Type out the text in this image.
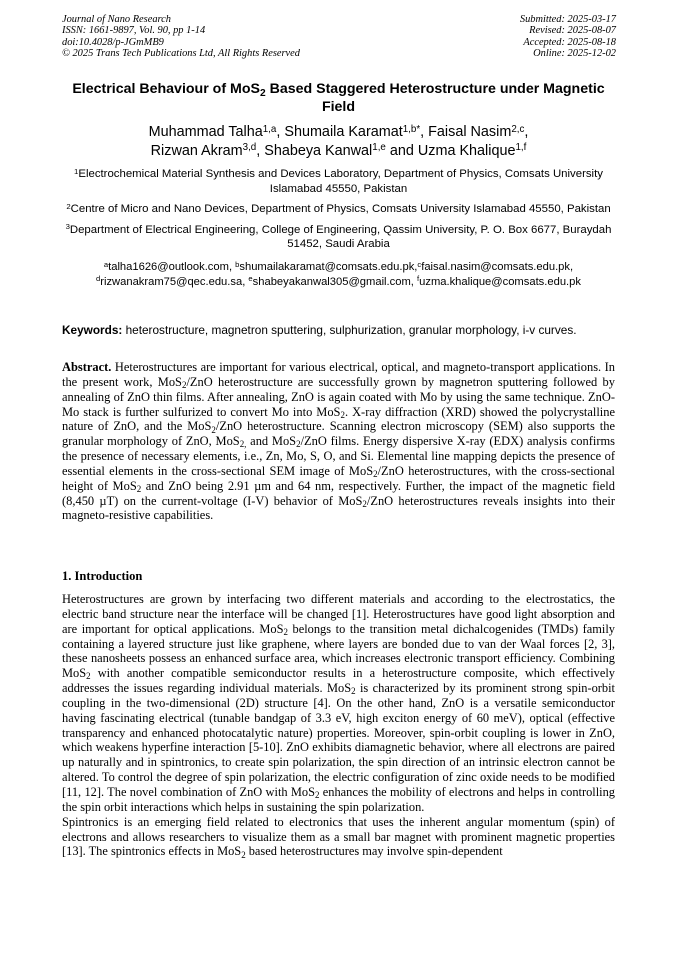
Journal of Nano Research
ISSN: 1661-9897, Vol. 90, pp 1-14
doi:10.4028/p-JGmMB9
© 2025 Trans Tech Publications Ltd, All Rights Reserved
Submitted: 2025-03-17
Revised: 2025-08-07
Accepted: 2025-08-18
Online: 2025-12-02
Electrical Behaviour of MoS$_2$ Based Staggered Heterostructure under Magnetic Field
Muhammad Talha$^{1,a}$, Shumaila Karamat$^{1,b*}$, Faisal Nasim$^{2,c}$,
Rizwan Akram$^{3,d}$, Shabeya Kanwal$^{1,e}$ and Uzma Khalique$^{1,f}$
$^1$Electrochemical Material Synthesis and Devices Laboratory, Department of Physics, Comsats University Islamabad 45550, Pakistan
$^2$Centre of Micro and Nano Devices, Department of Physics, Comsats University Islamabad 45550, Pakistan
$^3$Department of Electrical Engineering, College of Engineering, Qassim University, P. O. Box 6677, Buraydah 51452, Saudi Arabia
$^a$talha1626@outlook.com, $^b$shumailakaramat@comsats.edu.pk,$^c$faisal.nasim@comsats.edu.pk,
$^d$rizwanakram75@qec.edu.sa, $^e$shabeyakanwal305@gmail.com, $^f$uzma.khalique@comsats.edu.pk
Keywords: heterostructure, magnetron sputtering, sulphurization, granular morphology, i-v curves.
Abstract. Heterostructures are important for various electrical, optical, and magneto-transport applications. In the present work, MoS$_2$/ZnO heterostructure are successfully grown by magnetron sputtering followed by annealing of ZnO thin films. After annealing, ZnO is again coated with Mo by using the same technique. ZnO-Mo stack is further sulfurized to convert Mo into MoS$_2$. X-ray diffraction (XRD) showed the polycrystalline nature of ZnO, and the MoS$_2$/ZnO heterostructure. Scanning electron microscopy (SEM) also supports the granular morphology of ZnO, MoS$_{2,}$ and MoS$_2$/ZnO films. Energy dispersive X-ray (EDX) analysis confirms the presence of necessary elements, i.e., Zn, Mo, S, O, and Si. Elemental line mapping depicts the presence of essential elements in the cross-sectional SEM image of MoS$_2$/ZnO heterostructures, with the cross-sectional height of MoS$_2$ and ZnO being 2.91 µm and 64 nm, respectively. Further, the impact of the magnetic field (8,450 µT) on the current-voltage (I-V) behavior of MoS$_2$/ZnO heterostructures reveals insights into their magneto-resistive capabilities.
1. Introduction

Heterostructures are grown by interfacing two different materials and according to the electrostatics, the electric band structure near the interface will be changed [1]. Heterostructures have good light absorption and are important for optical applications. MoS$_2$ belongs to the transition metal dichalcogenides (TMDs) family containing a layered structure just like graphene, where layers are bonded due to van der Waal forces [2, 3], these nanosheets possess an enhanced surface area, which increases electronic transport efficiency. Combining MoS$_2$ with another compatible semiconductor results in a heterostructure composite, which effectively addresses the issues regarding individual materials. MoS$_2$ is characterized by its prominent strong spin-orbit coupling in the two-dimensional (2D) structure [4]. On the other hand, ZnO is a versatile semiconductor having fascinating electrical (tunable bandgap of 3.3 eV, high exciton energy of 60 meV), optical (effective transparency and enhanced photocatalytic nature) properties. Moreover, spin-orbit coupling is lower in ZnO, which weakens hyperfine interaction [5-10]. ZnO exhibits diamagnetic behavior, where all electrons are paired up naturally and in spintronics, to create spin polarization, the spin direction of an intrinsic electron cannot be altered. To control the degree of spin polarization, the electric configuration of zinc oxide needs to be modified [11, 12]. The novel combination of ZnO with MoS$_2$ enhances the mobility of electrons and helps in controlling the spin orbit interactions which helps in sustaining the spin polarization.

Spintronics is an emerging field related to electronics that uses the inherent angular momentum (spin) of electrons and allows researchers to visualize them as a small bar magnet with prominent magnetic properties [13]. The spintronics effects in MoS$_2$ based heterostructures may involve spin-dependent
